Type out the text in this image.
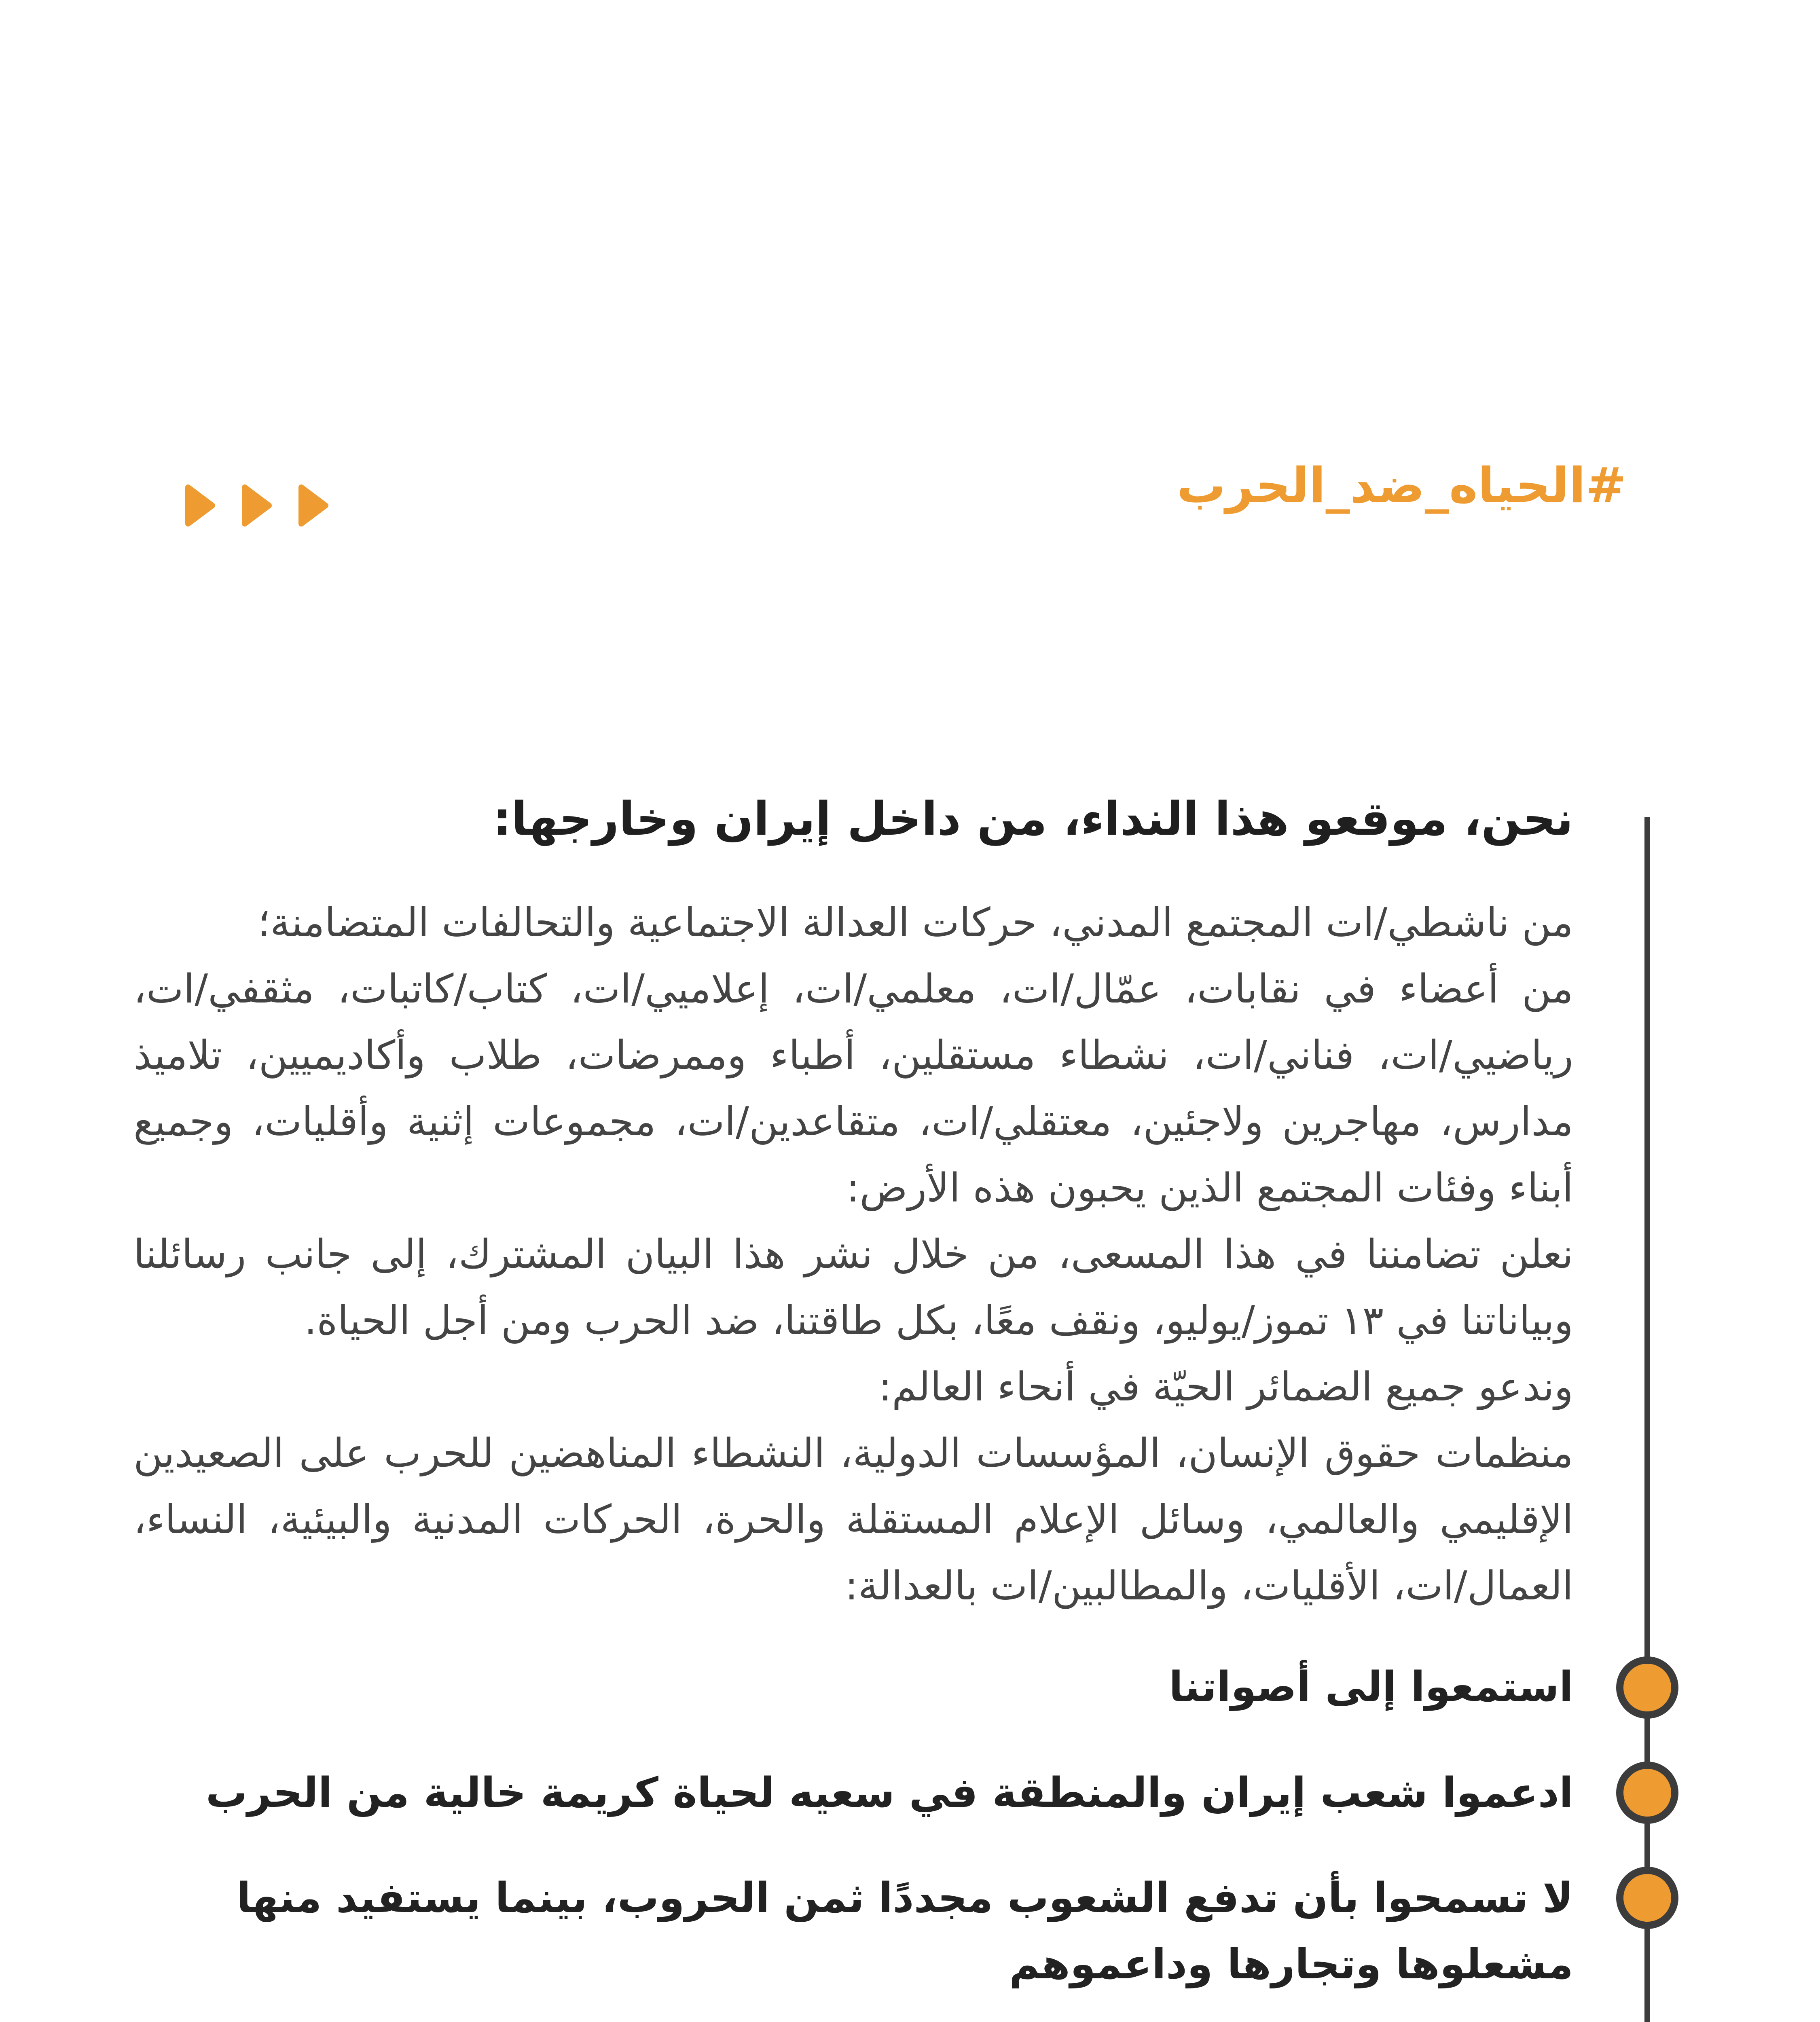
#الحياه_ضد_الحرب
نحن، موقعو هذا النداء، من داخل إيران وخارجها:

من ناشطي/ات المجتمع المدني، حركات العدالة الاجتماعية والتحالفات المتضامنة؛

من أعضاء في نقابات، عمّال/ات، معلمي/ات، إعلاميي/ات، كتاب/كاتبات، مثقفي/ات، رياضيي/ات، فناني/ات، نشطاء مستقلين، أطباء وممرضات، طلاب وأكاديميين، تلاميذ مدارس، مهاجرين ولاجئين، معتقلي/ات، متقاعدين/ات، مجموعات إثنية وأقليات، وجميع أبناء وفئات المجتمع الذين يحبون هذه الأرض:

نعلن تضامننا في هذا المسعى، من خلال نشر هذا البيان المشترك، إلى جانب رسائلنا وبياناتنا في ١٣ تموز/يوليو، ونقف معًا، بكل طاقتنا، ضد الحرب ومن أجل الحياة.

وندعو جميع الضمائر الحيّة في أنحاء العالم:

منظمات حقوق الإنسان، المؤسسات الدولية، النشطاء المناهضين للحرب على الصعيدين الإقليمي والعالمي، وسائل الإعلام المستقلة والحرة، الحركات المدنية والبيئية، النساء، العمال/ات، الأقليات، والمطالبين/ات بالعدالة:

استمعوا إلى أصواتنا
ادعموا شعب إيران والمنطقة في سعيه لحياة كريمة خالية من الحرب
لا تسمحوا بأن تدفع الشعوب مجددًا ثمن الحروب، بينما يستفيد منها مشعلوها وتجارها وداعموهم
